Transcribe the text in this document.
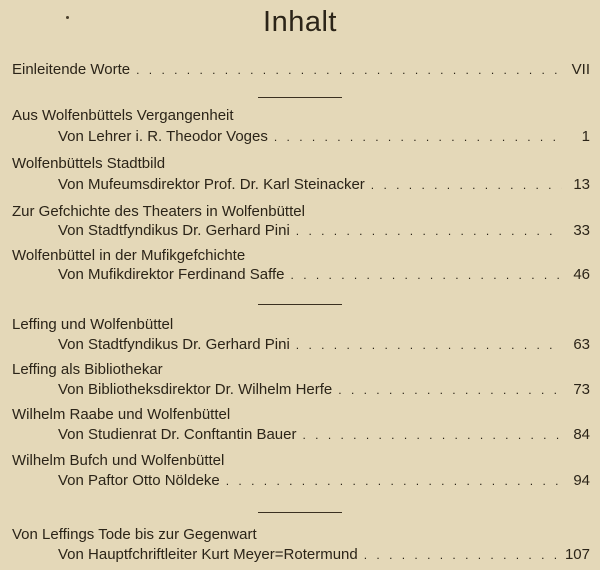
Inhalt
Einleitende Worte . . .	VII
Aus Wolfenbüttels Vergangenheit
Von Lehrer i. R. Theodor Voges . . .	1
Wolfenbüttels Stadtbild
Von Mufeumsdirektor Prof. Dr. Karl Steinacker . . .	13
Zur Gefchichte des Theaters in Wolfenbüttel
Von Stadtfyndikus Dr. Gerhard Pini . . .	33
Wolfenbüttel in der Mufikgefchichte
Von Mufikdirektor Ferdinand Saffe . . .	46
Leffing und Wolfenbüttel
Von Stadtfyndikus Dr. Gerhard Pini . . .	63
Leffing als Bibliothekar
Von Bibliotheksdirektor Dr. Wilhelm Herfe . . .	73
Wilhelm Raabe und Wolfenbüttel
Von Studienrat Dr. Conftantin Bauer . . .	84
Wilhelm Bufch und Wolfenbüttel
Von Paftor Otto Nöldeke . . .	94
Von Leffings Tode bis zur Gegenwart
Von Hauptfchriftleiter Kurt Meyer=Rotermund . . .	107
